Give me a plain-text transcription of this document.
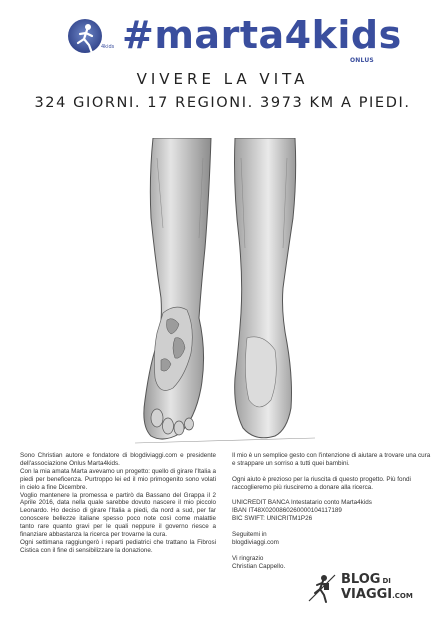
4kids #marta4kids
ONLUS
VIVERE LA VITA
324 GIORNI. 17 REGIONI. 3973 KM A PIEDI.

Sono Christian autore e fondatore di blogdiviaggi.com e presidente dell'associazione Onlus Marta4kids.

Con la mia amata Marta avevamo un progetto: quello di girare l'Italia a piedi per beneficenza. Purtroppo lei ed il mio primogenito sono volati in cielo a fine Dicembre.

Voglio mantenere la promessa e partirò da Bassano del Grappa il 2 Aprile 2016, data nella quale sarebbe dovuto nascere il mio piccolo Leonardo. Ho deciso di girare l'Italia a piedi, da nord a sud, per far conoscere bellezze italiane spesso poco note così come malattie tanto rare quanto gravi per le quali neppure il governo riesce a finanziare abbastanza la ricerca per trovarne la cura.

Ogni settimana raggiungerò i reparti pediatrici che trattano la Fibrosi Cistica con il fine di sensibilizzare la donazione.

Il mio è un semplice gesto con l'intenzione di aiutare a trovare una cura e strappare un sorriso a tutti quei bambini.

Ogni aiuto è prezioso per la riuscita di questo progetto. Più fondi raccoglieremo più riusciremo a donare alla ricerca.

UNICREDIT BANCA Intestatario conto Marta4kids

IBAN IT48X0200860260000104117189

BIC SWIFT: UNICRITM1P26

Seguitemi in

blogdiviaggi.com

Vi ringrazio

Christian Cappello.

BLOG DI
VIAGGI.COM
